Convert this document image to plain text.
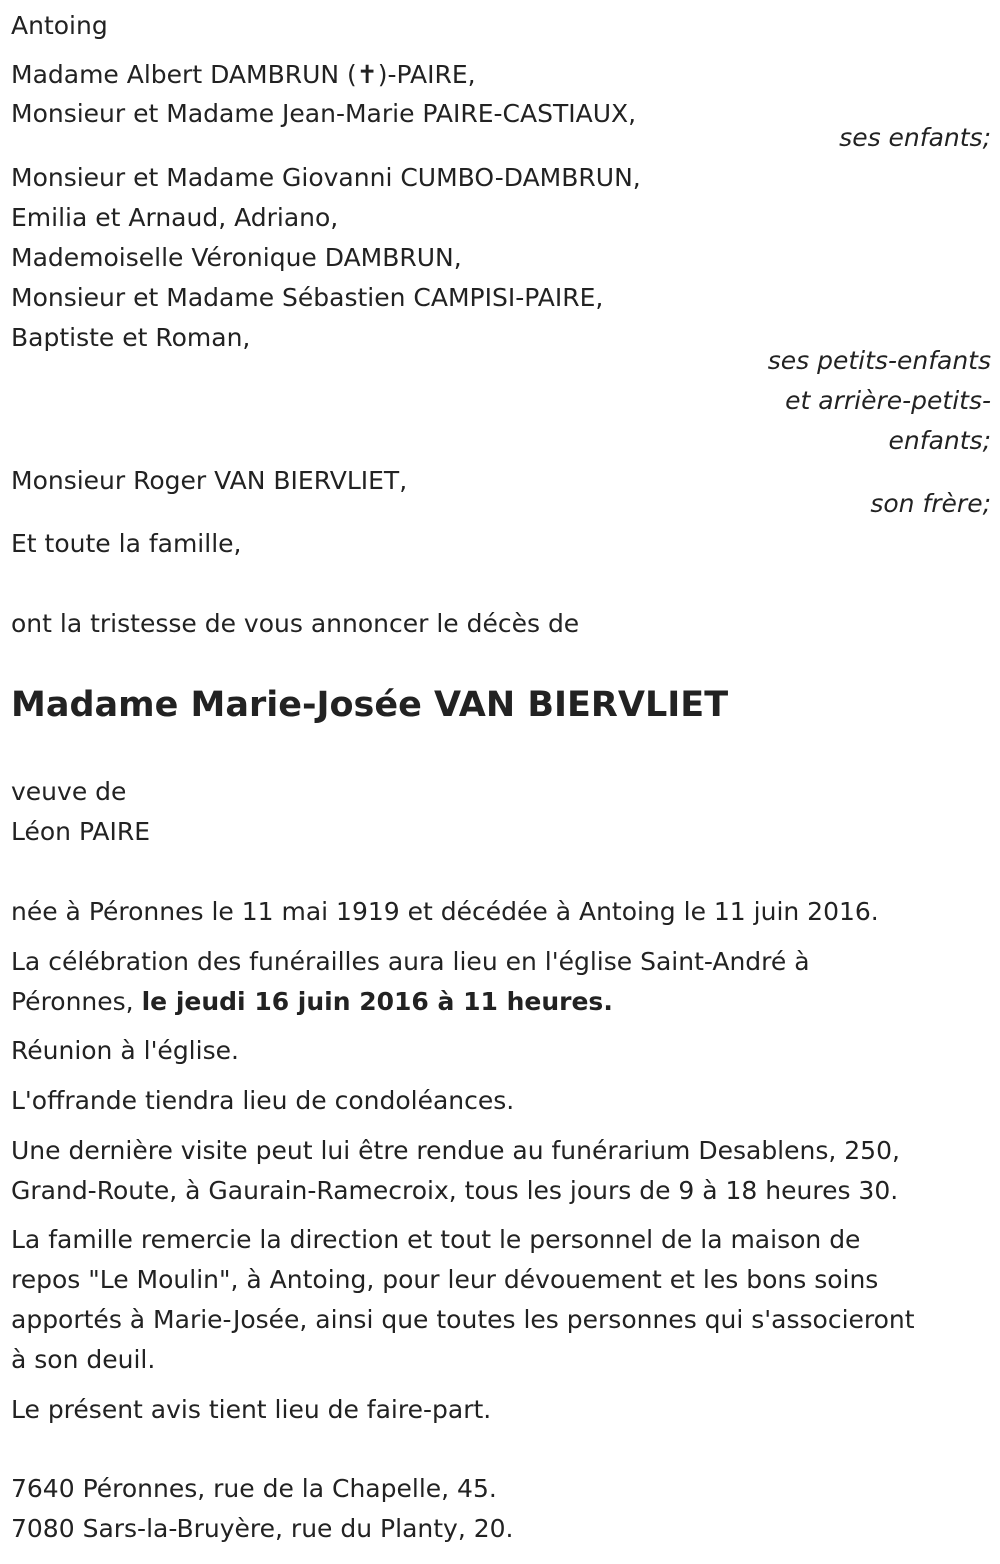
Antoing
Madame Albert DAMBRUN (✝)-PAIRE,
Monsieur et Madame Jean-Marie PAIRE-CASTIAUX,
ses enfants;
Monsieur et Madame Giovanni CUMBO-DAMBRUN,
Emilia et Arnaud, Adriano,
Mademoiselle Véronique DAMBRUN,
Monsieur et Madame Sébastien CAMPISI-PAIRE,
Baptiste et Roman,
ses petits-enfants
et arrière-petits-
enfants;
Monsieur Roger VAN BIERVLIET,
son frère;
Et toute la famille,
ont la tristesse de vous annoncer le décès de
Madame Marie-Josée VAN BIERVLIET
veuve de
Léon PAIRE
née à Péronnes le 11 mai 1919 et décédée à Antoing le 11 juin 2016.
La célébration des funérailles aura lieu en l'église Saint-André à
Péronnes, le jeudi 16 juin 2016 à 11 heures.
Réunion à l'église.
L'offrande tiendra lieu de condoléances.
Une dernière visite peut lui être rendue au funérarium Desablens, 250,
Grand-Route, à Gaurain-Ramecroix, tous les jours de 9 à 18 heures 30.
La famille remercie la direction et tout le personnel de la maison de
repos "Le Moulin", à Antoing, pour leur dévouement et les bons soins
apportés à Marie-Josée, ainsi que toutes les personnes qui s'associeront
à son deuil.
Le présent avis tient lieu de faire-part.
7640 Péronnes, rue de la Chapelle, 45.
7080 Sars-la-Bruyère, rue du Planty, 20.
